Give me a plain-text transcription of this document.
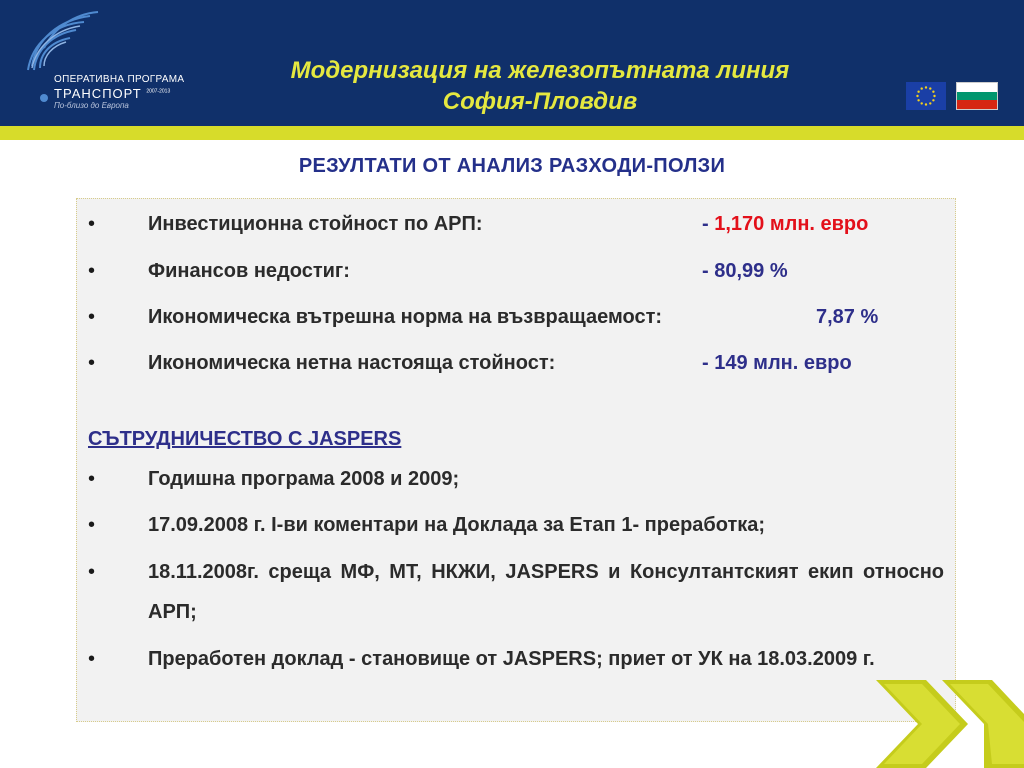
ОПЕРАТИВНА ПРОГРАМА
ТРАНСПОРТ $^{2007-2013}$
По-близо до Европа
Модернизация на железопътната линия
София-Пловдив
РЕЗУЛТАТИ ОТ АНАЛИЗ РАЗХОДИ-ПОЛЗИ
•	Инвестиционна стойност по АРП:	- 1,170 млн. евро
•	Финансов недостиг:	- 80,99 %
•	Икономическа вътрешна норма на възвращаемост:	7,87 %
•	Икономическа нетна настояща стойност:	- 149 млн. евро
СЪТРУДНИЧЕСТВО С JASPERS
•	Годишна програма 2008 и 2009;
•	17.09.2008 г. I-ви коментари на Доклада за Етап 1- преработка;
•	18.11.2008г. среща МФ, МТ, НКЖИ, JASPERS и Консултантският екип относно АРП;
•	Преработен доклад - становище от JASPERS; приет от УК на 18.03.2009 г.
